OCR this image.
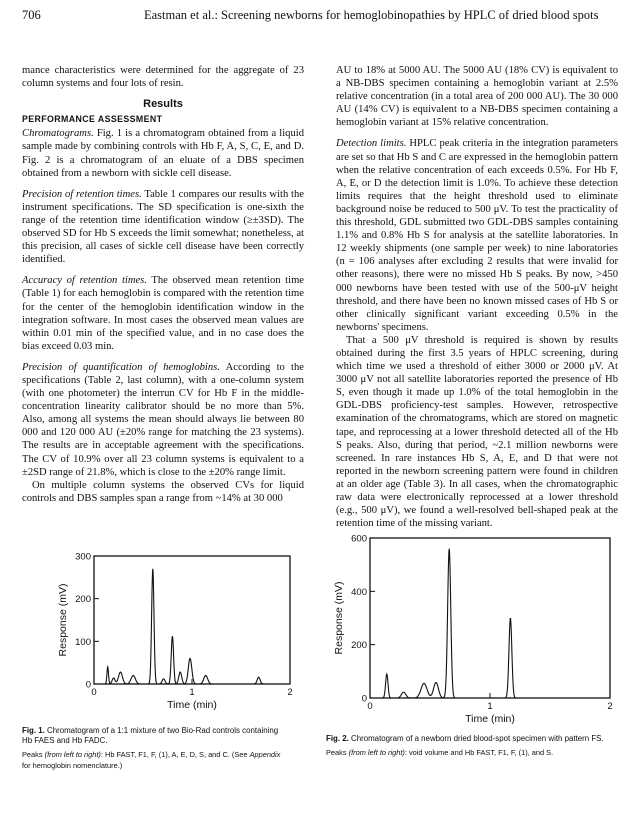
706	Eastman et al.: Screening newborns for hemoglobinopathies by HPLC of dried blood spots

mance characteristics were determined for the aggregate of 23 column systems and four lots of resin.

Results
PERFORMANCE ASSESSMENT

Chromatograms. Fig. 1 is a chromatogram obtained from a liquid sample made by combining controls with Hb F, A, S, C, E, and D. Fig. 2 is a chromatogram of an eluate of a DBS specimen obtained from a newborn with sickle cell disease.

Precision of retention times. Table 1 compares our results with the instrument specifications. The SD specification is one-sixth the range of the retention time identification window (≥±3SD). The observed SD for Hb S exceeds the limit somewhat; nonetheless, at this precision, all cases of sickle cell disease have been correctly identified.

Accuracy of retention times. The observed mean retention time (Table 1) for each hemoglobin is compared with the retention time for the center of the hemoglobin identification window in the integration software. In most cases the observed mean values are within 0.01 min of the specified value, and in no case does the bias exceed 0.03 min.

Precision of quantification of hemoglobins. According to the specifications (Table 2, last column), with a one-column system (with one photometer) the interrun CV for Hb F in the middle-concentration linearity calibrator should be no more than 5%. Also, among all systems the mean should always lie between 80 000 and 120 000 AU (±20% range for matching the 23 systems). The results are in acceptable agreement with the specifications. The CV of 10.9% over all 23 column systems is equivalent to a ±2SD range of 21.8%, which is close to the ±20% range limit.

On multiple column systems the observed CVs for liquid controls and DBS samples span a range from ~14% at 30 000

AU to 18% at 5000 AU. The 5000 AU (18% CV) is equivalent to a NB-DBS specimen containing a hemoglobin variant at 2.5% relative concentration (in a total area of 200 000 AU). The 30 000 AU (14% CV) is equivalent to a NB-DBS specimen containing a hemoglobin variant at 15% relative concentration.

Detection limits. HPLC peak criteria in the integration parameters are set so that Hb S and C are expressed in the hemoglobin pattern when the relative concentration of each exceeds 0.5%. For Hb F, A, E, or D the detection limit is 1.0%. To achieve these detection limits requires that the height threshold used to eliminate background noise be reduced to 500 μV. To test the practicality of this threshold, GDL submitted two GDL-DBS samples containing 1.1% and 0.8% Hb S for analysis at the satellite laboratories. In 12 weekly shipments (one sample per week) to nine laboratories (n = 106 analyses after excluding 2 results that were invalid for other reasons), there were no missed Hb S peaks. By now, >450 000 newborns have been tested with use of the 500-μV height threshold, and there have been no known missed cases of Hb S or other clinically significant variant exceeding 0.5% in the newborns' specimens.

That a 500 μV threshold is required is shown by results obtained during the first 3.5 years of HPLC screening, during which time we used a threshold of either 3000 or 2000 μV. At 3000 μV not all satellite laboratories reported the presence of Hb S, even though it made up 1.0% of the total hemoglobin in the GDL-DBS proficiency-test samples. However, retrospective examination of the chromatograms, which are stored on magnetic tape, and reprocessing at a lower threshold detected all of the Hb S peaks. Also, during that period, ~2.1 million newborns were screened. In rare instances Hb S, A, E, and D that were not reported in the newborn screening pattern were found in children at an older age (Table 3). In all cases, when the chromatographic raw data were electronically reprocessed at a lower threshold (e.g., 500 μV), we found a well-resolved bell-shaped peak at the retention time of the missing variant.

0
100
200
300
0	1	2
Time (min)
Response (mV)
Fig. 1. Chromatogram of a 1:1 mixture of two Bio-Rad controls containing Hb FAES and Hb FADC.
Peaks (from left to right): Hb FAST, F1, F, (1), A, E, D, S, and C. (See Appendix for hemoglobin nomenclature.)
0
200
400
600
0	1	2
Time (min)
Response (mV)
Fig. 2. Chromatogram of a newborn dried blood-spot specimen with pattern FS.
Peaks (from left to right): void volume and Hb FAST, F1, F, (1), and S.
